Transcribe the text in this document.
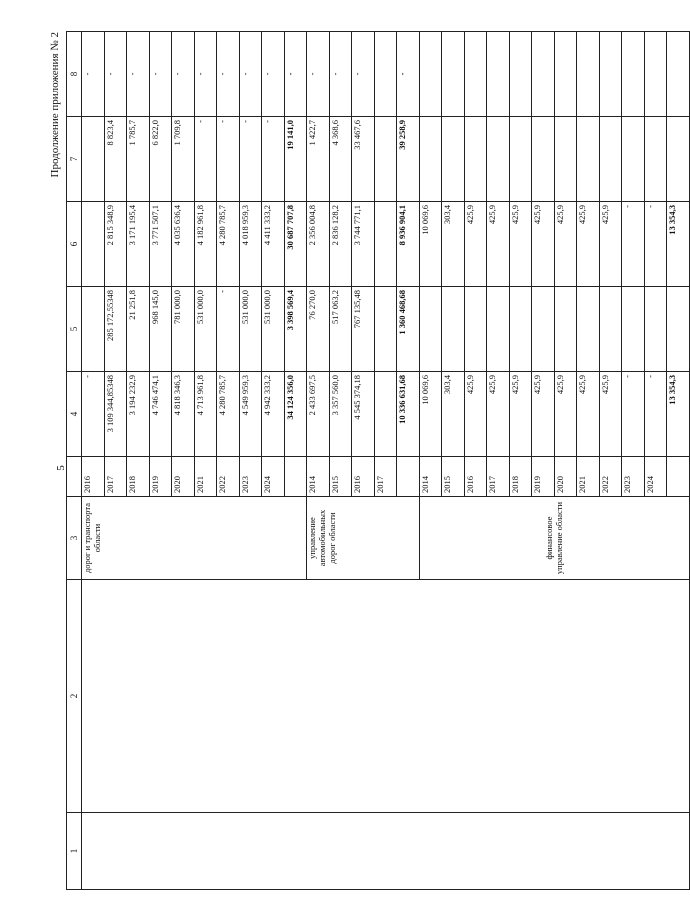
5
Продолжение приложения № 2
1	2	3		4	5	6	7	8
		дорог и транспорта области	2016	-				-
			2017	3 109 344,85348	285 172,55348	2 815 348,9	8 823,4	-
			2018	3 194 232,9	21 251,8	3 171 195,4	1 785,7	-
			2019	4 746 474,1	968 145,0	3 771 507,1	6 822,0	-
			2020	4 818 346,3	781 000,0	4 035 636,4	1 709,8	-
			2021	4 713 961,8	531 000,0	4 182 961,8	-	-
			2022	4 280 785,7	-	4 280 785,7	-	-
			2023	4 549 959,3	531 000,0	4 018 959,3	-	-
			2024	4 942 333,2	531 000,0	4 411 333,2	-	-
				34 124 356,0	3 398 569,4	30 687 707,8	19 141,0	-
		управление автомобильных дорог области	2014	2 433 697,5	76 270,0	2 356 004,8	1 422,7	-
			2015	3 357 560,0	517 063,2	2 836 128,2	4 368,6	-
			2016	4 545 374,18	767 135,48	3 744 771,1	33 467,6	-
			2017					
				10 336 631,68	1 360 468,68	8 936 904,1	39 258,9	-
		финансовое управление области	2014	10 069,6		10 069,6		
			2015	303,4		303,4		
			2016	425,9		425,9		
			2017	425,9		425,9		
			2018	425,9		425,9		
			2019	425,9		425,9		
			2020	425,9		425,9		
			2021	425,9		425,9		
			2022	425,9		425,9		
			2023	-		-		
			2024	-		-		
				13 354,3		13 354,3		
